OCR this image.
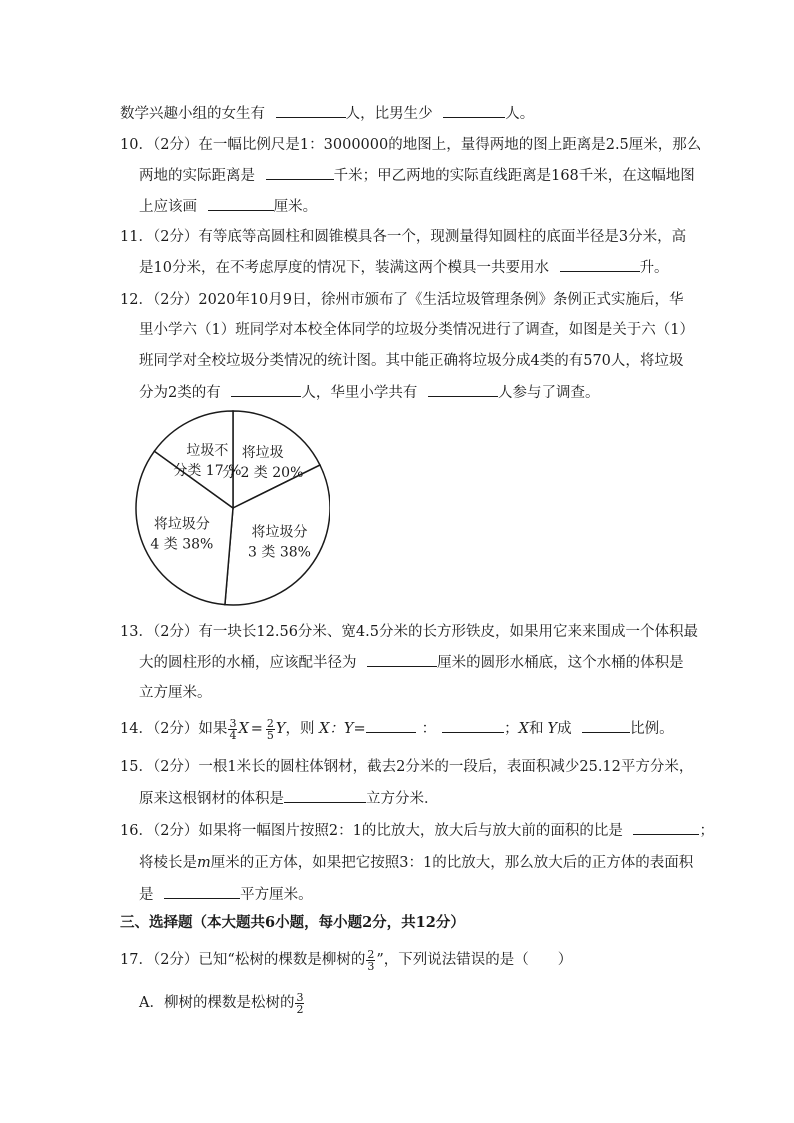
数学兴趣小组的女生有	人，比男生少	人。
10．（2分）在一幅比例尺是1：3000000的地图上，量得两地的图上距离是2.5厘米，那么
两地的实际距离是	千米；甲乙两地的实际直线距离是168千米，在这幅地图
上应该画	厘米。
11．（2分）有等底等高圆柱和圆锥模具各一个，现测量得知圆柱的底面半径是3分米，高
是10分米，在不考虑厚度的情况下，装满这两个模具一共要用水	升。
12．（2分）2020年10月9日，徐州市颁布了《生活垃圾管理条例》条例正式实施后，华
里小学六（1）班同学对本校全体同学的垃圾分类情况进行了调查，如图是关于六（1）
班同学对全校垃圾分类情况的统计图。其中能正确将垃圾分成4类的有570人，将垃圾
分为2类的有	人，华里小学共有	人参与了调查。
将垃圾
分 2 类 20%
将垃圾分
3 类 38%
将垃圾分
4 类 38%
垃圾不
分类 17 %
13．（2分）有一块长12.56分米、宽4.5分米的长方形铁皮，如果用它来来围成一个体积最
大的圆柱形的水桶，应该配半径为	厘米的圆形水桶底，这个水桶的体积是
立方厘米。
14．（2分）如果 $\frac{3}{4}$ $X = \frac{2}{5}$ Y，则 X：Y=	：	；X和 Y成	比例。
15．（2分）一根1米长的圆柱体钢材，截去2分米的一段后，表面积减少25.12平方分米，
原来这根钢材的体积是	立方分米．
16．（2分）如果将一幅图片按照2：1的比放大，放大后与放大前的面积的比是	；
将棱长是m厘米的正方体，如果把它按照3：1的比放大，那么放大后的正方体的表面积
是	平方厘米。
三、选择题（本大题共6小题，每小题2分，共12分）
17．（2分）已知“松树的棵数是柳树的 $\frac{2}{3}$ ”，下列说法错误的是（　　）
A．柳树的棵数是松树的 $\frac{3}{2}$
